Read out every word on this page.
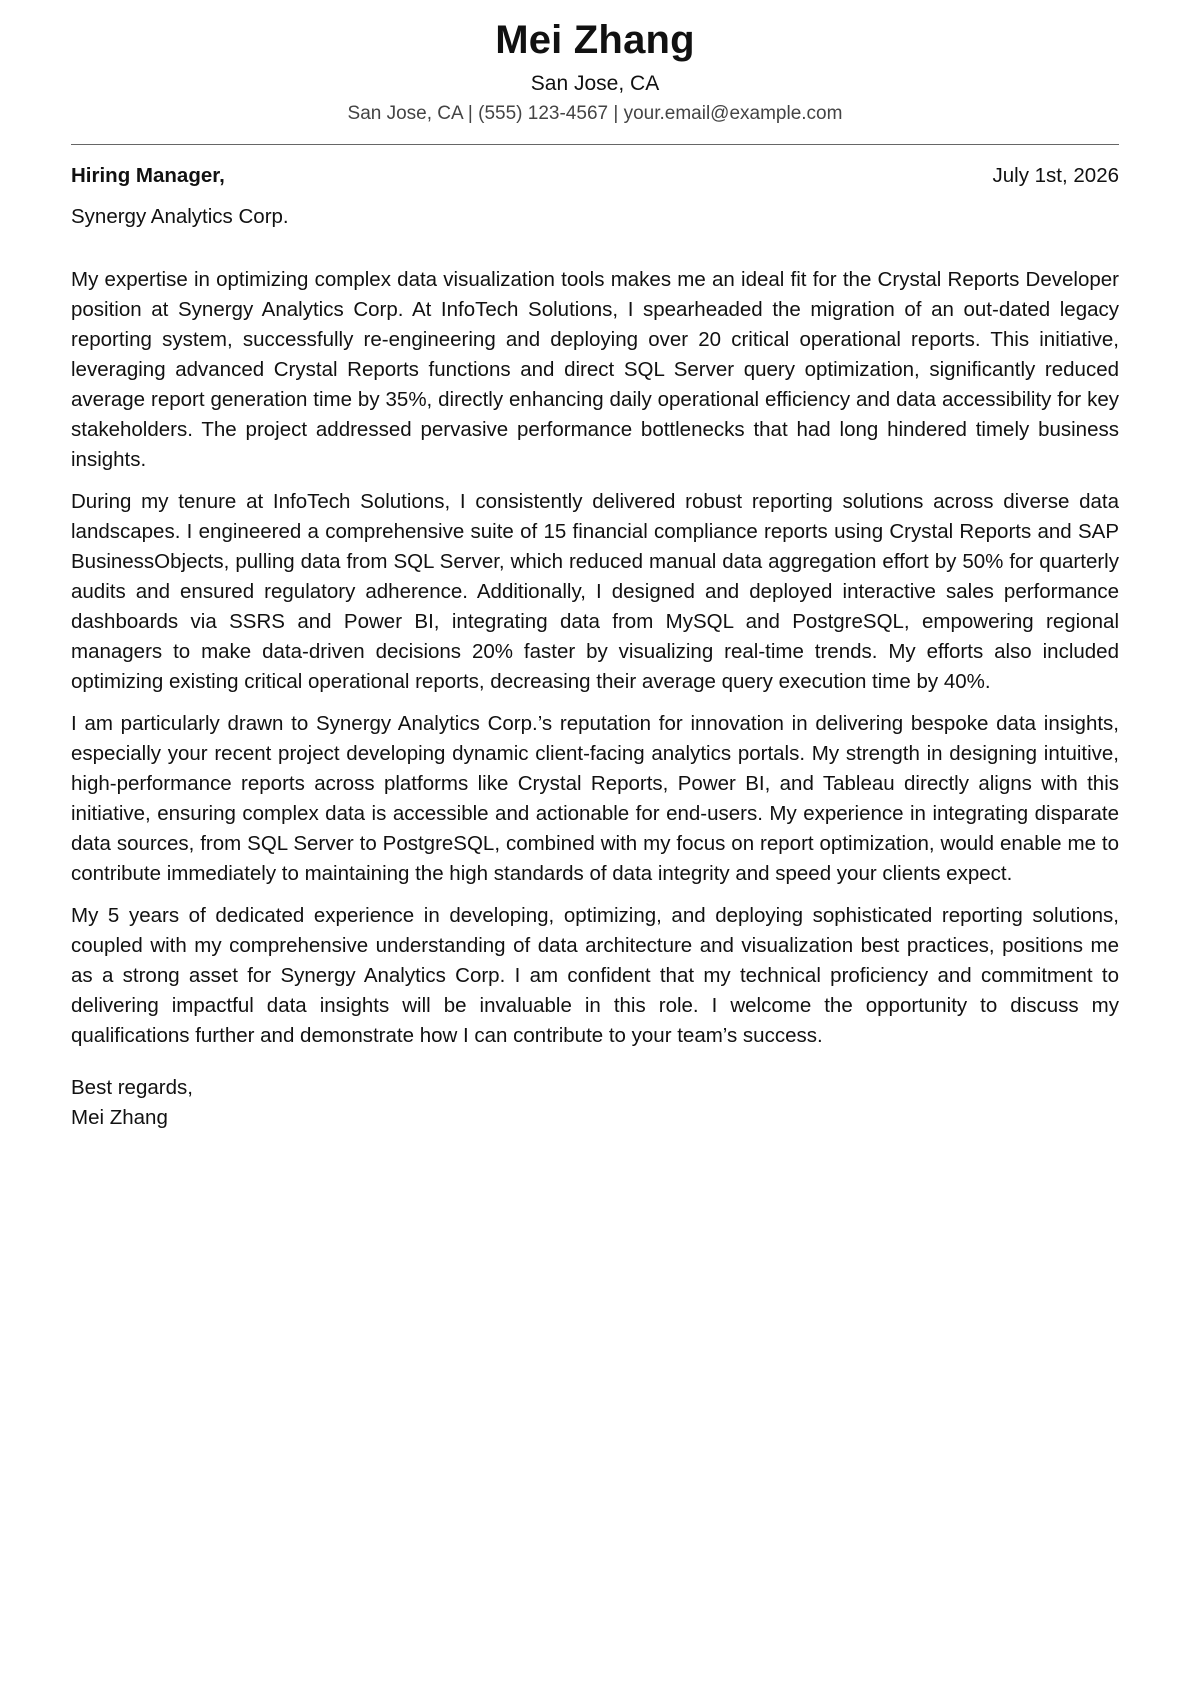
Mei Zhang
San Jose, CA
San Jose, CA | (555) 123-4567 | your.email@example.com
Hiring Manager,	July 1st, 2026
Synergy Analytics Corp.

My expertise in optimizing complex data visualization tools makes me an ideal fit for the Crystal Reports Developer position at Synergy Analytics Corp. At InfoTech Solutions, I spearheaded the migration of an out-dated legacy reporting system, successfully re-engineering and deploying over 20 critical operational reports. This initiative, leveraging advanced Crystal Reports functions and direct SQL Server query optimization, significantly reduced average report generation time by 35%, directly enhancing daily operational efficiency and data accessibility for key stakeholders. The project addressed pervasive performance bottlenecks that had long hindered timely business insights.

During my tenure at InfoTech Solutions, I consistently delivered robust reporting solutions across diverse data landscapes. I engineered a comprehensive suite of 15 financial compliance reports using Crystal Reports and SAP BusinessObjects, pulling data from SQL Server, which reduced manual data aggregation effort by 50% for quarterly audits and ensured regulatory adherence. Additionally, I designed and deployed interactive sales performance dashboards via SSRS and Power BI, integrating data from MySQL and PostgreSQL, empowering regional managers to make data-driven decisions 20% faster by visualizing real-time trends. My efforts also included optimizing existing critical operational reports, decreasing their average query execution time by 40%.

I am particularly drawn to Synergy Analytics Corp.’s reputation for innovation in delivering bespoke data insights, especially your recent project developing dynamic client-facing analytics portals. My strength in designing intuitive, high-performance reports across platforms like Crystal Reports, Power BI, and Tableau directly aligns with this initiative, ensuring complex data is accessible and actionable for end-users. My experience in integrating disparate data sources, from SQL Server to PostgreSQL, combined with my focus on report optimization, would enable me to contribute immediately to maintaining the high standards of data integrity and speed your clients expect.

My 5 years of dedicated experience in developing, optimizing, and deploying sophisticated reporting solutions, coupled with my comprehensive understanding of data architecture and visualization best practices, positions me as a strong asset for Synergy Analytics Corp. I am confident that my technical proficiency and commitment to delivering impactful data insights will be invaluable in this role. I welcome the opportunity to discuss my qualifications further and demonstrate how I can contribute to your team’s success.

Best regards,
Mei Zhang
